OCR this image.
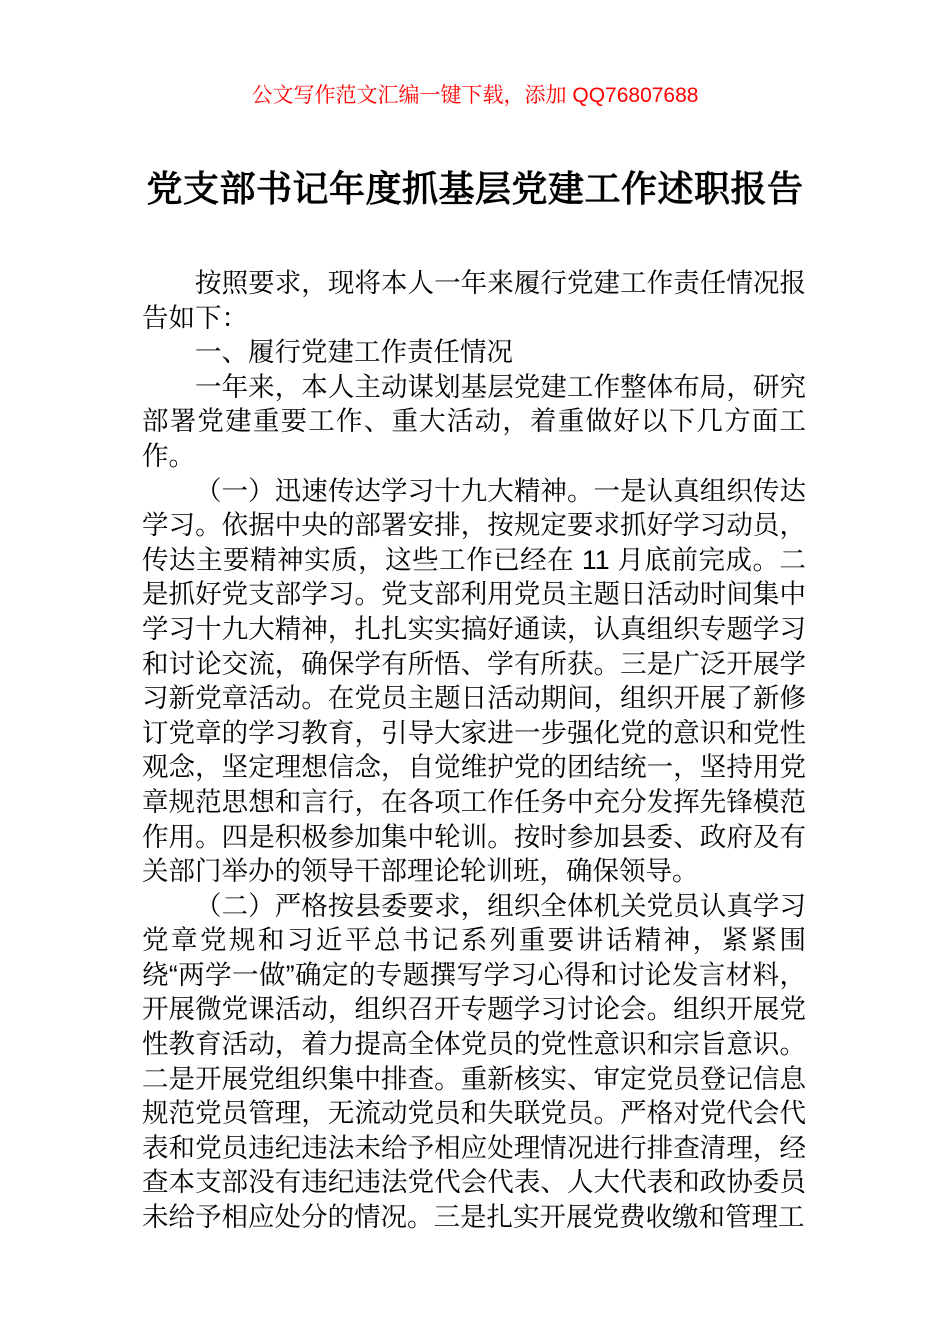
公文写作范文汇编一键下载，添加 QQ76807688
党支部书记年度抓基层党建工作述职报告

按照要求，现将本人一年来履行党建工作责任情况报告如下：

一、履行党建工作责任情况

一年来，本人主动谋划基层党建工作整体布局，研究部署党建重要工作、重大活动，着重做好以下几方面工作。

（一）迅速传达学习十九大精神。一是认真组织传达学习。依据中央的部署安排，按规定要求抓好学习动员，传达主要精神实质，这些工作已经在 11 月底前完成。二是抓好党支部学习。党支部利用党员主题日活动时间集中学习十九大精神，扎扎实实搞好通读，认真组织专题学习和讨论交流，确保学有所悟、学有所获。三是广泛开展学习新党章活动。在党员主题日活动期间，组织开展了新修订党章的学习教育，引导大家进一步强化党的意识和党性观念，坚定理想信念，自觉维护党的团结统一，坚持用党章规范思想和言行，在各项工作任务中充分发挥先锋模范作用。四是积极参加集中轮训。按时参加县委、政府及有关部门举办的领导干部理论轮训班，确保领导。

（二）严格按县委要求，组织全体机关党员认真学习党章党规和习近平总书记系列重要讲话精神，紧紧围绕“两学一做”确定的专题撰写学习心得和讨论发言材料，开展微党课活动，组织召开专题学习讨论会。组织开展党性教育活动，着力提高全体党员的党性意识和宗旨意识。二是开展党组织集中排查。重新核实、审定党员登记信息规范党员管理，无流动党员和失联党员。严格对党代会代表和党员违纪违法未给予相应处理情况进行排查清理，经查本支部没有违纪违法党代会代表、人大代表和政协委员未给予相应处分的情况。三是扎实开展党费收缴和管理工
